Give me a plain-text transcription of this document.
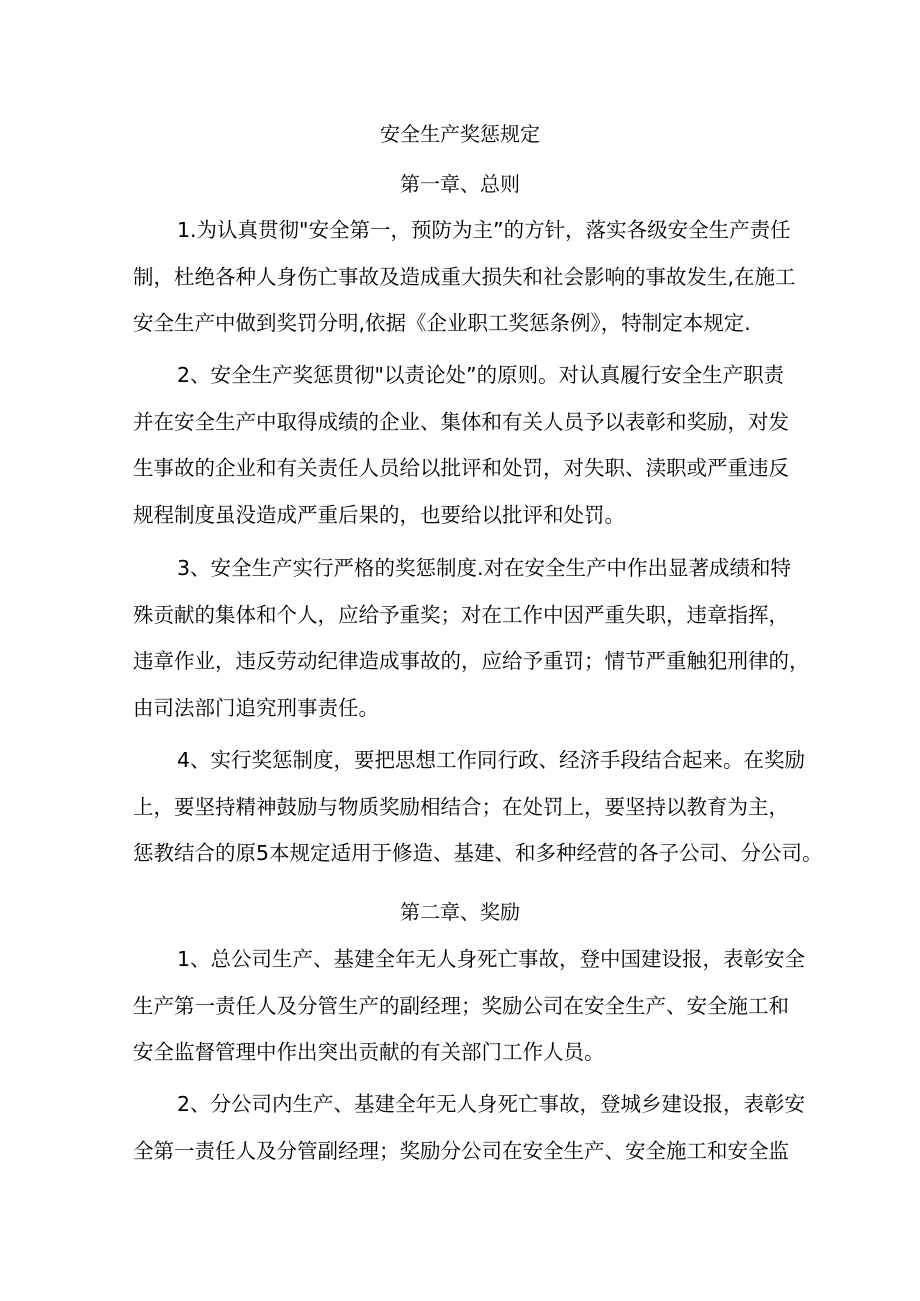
安全生产奖惩规定
第一章、总则
1.为认真贯彻"安全第一，预防为主”的方针，落实各级安全生产责任
制，杜绝各种人身伤亡事故及造成重大损失和社会影响的事故发生,在施工
安全生产中做到奖罚分明,依据《企业职工奖惩条例》，特制定本规定.
2、安全生产奖惩贯彻"以责论处”的原则。对认真履行安全生产职责
并在安全生产中取得成绩的企业、集体和有关人员予以表彰和奖励，对发
生事故的企业和有关责任人员给以批评和处罚，对失职、渎职或严重违反
规程制度虽没造成严重后果的，也要给以批评和处罚。
3、安全生产实行严格的奖惩制度.对在安全生产中作出显著成绩和特
殊贡献的集体和个人，应给予重奖；对在工作中因严重失职，违章指挥，
违章作业，违反劳动纪律造成事故的，应给予重罚；情节严重触犯刑律的，
由司法部门追究刑事责任。
4、实行奖惩制度，要把思想工作同行政、经济手段结合起来。在奖励
上，要坚持精神鼓励与物质奖励相结合；在处罚上，要坚持以教育为主，
惩教结合的原5本规定适用于修造、基建、和多种经营的各子公司、分公司。
第二章、奖励
1、总公司生产、基建全年无人身死亡事故，登中国建设报，表彰安全
生产第一责任人及分管生产的副经理；奖励公司在安全生产、安全施工和
安全监督管理中作出突出贡献的有关部门工作人员。
2、分公司内生产、基建全年无人身死亡事故，登城乡建设报，表彰安
全第一责任人及分管副经理；奖励分公司在安全生产、安全施工和安全监
